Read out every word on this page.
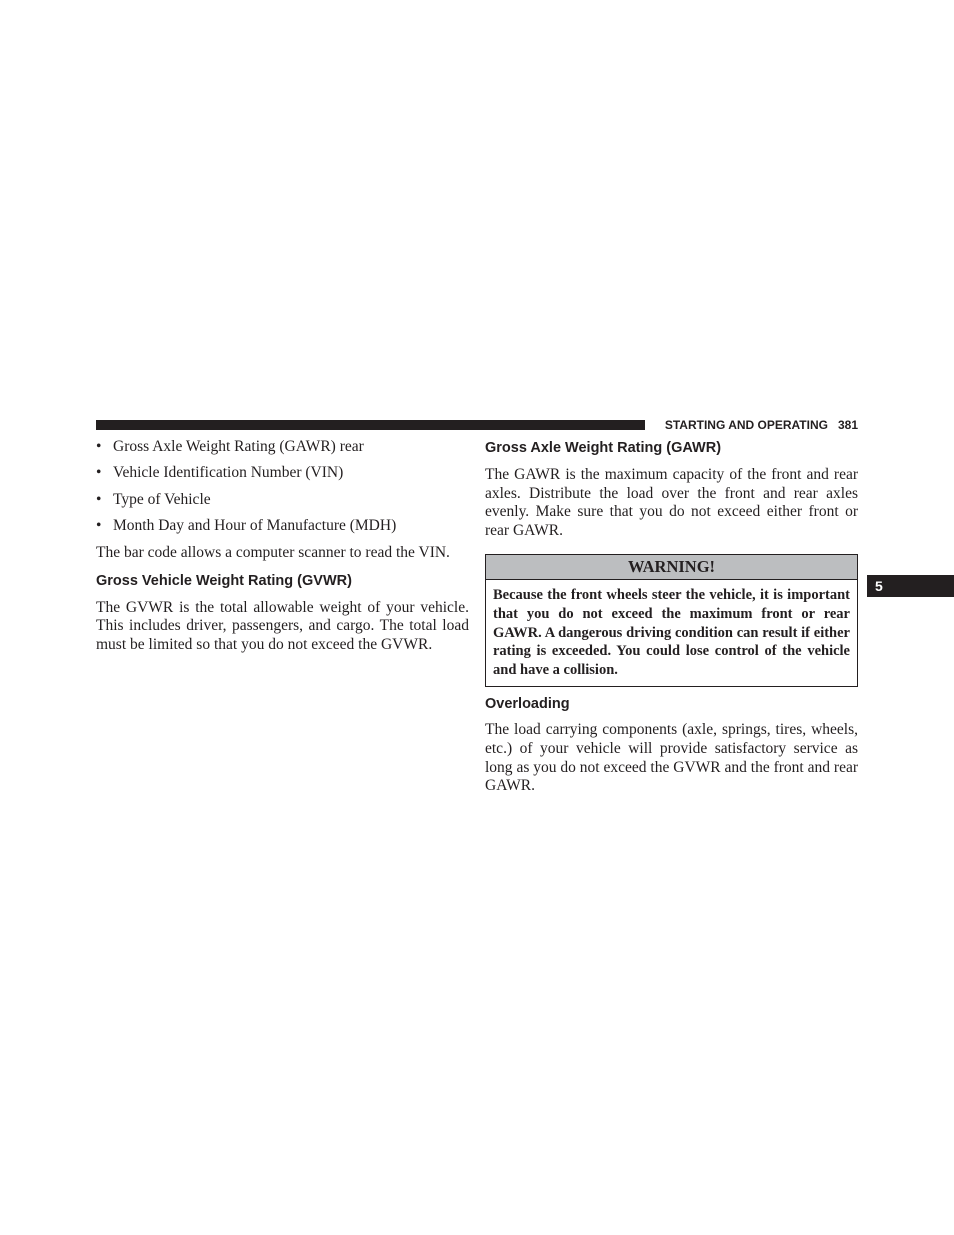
STARTING AND OPERATING 381
• Gross Axle Weight Rating (GAWR) rear
• Vehicle Identification Number (VIN)
• Type of Vehicle
• Month Day and Hour of Manufacture (MDH)

The bar code allows a computer scanner to read the VIN.

Gross Vehicle Weight Rating (GVWR)

The GVWR is the total allowable weight of your vehicle. This includes driver, passengers, and cargo. The total load must be limited so that you do not exceed the GVWR.

Gross Axle Weight Rating (GAWR)

The GAWR is the maximum capacity of the front and rear axles. Distribute the load over the front and rear axles evenly. Make sure that you do not exceed either front or rear GAWR.

WARNING!
Because the front wheels steer the vehicle, it is important that you do not exceed the maximum front or rear GAWR. A dangerous driving condition can result if either rating is exceeded. You could lose control of the vehicle and have a collision.
Overloading

The load carrying components (axle, springs, tires, wheels, etc.) of your vehicle will provide satisfactory service as long as you do not exceed the GVWR and the front and rear GAWR.

5
